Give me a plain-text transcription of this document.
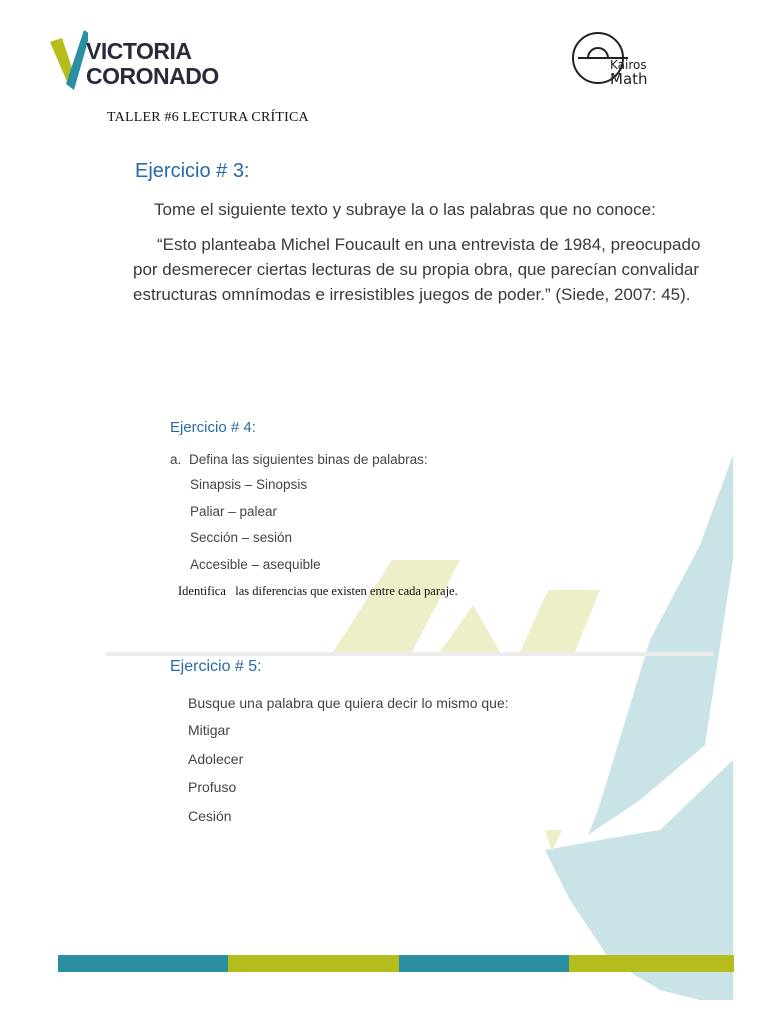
VICTORIA
CORONADO	Kairos
Math
TALLER #6 LECTURA CRÍTICA
Ejercicio # 3:
Tome el siguiente texto y subraye la o las palabras que no conoce:
“Esto planteaba Michel Foucault en una entrevista de 1984, preocupado por desmerecer ciertas lecturas de su propia obra, que parecían convalidar estructuras omnímodas e irresistibles juegos de poder.” (Siede, 2007: 45).
Ejercicio # 4:
a. Defina las siguientes binas de palabras:
Sinapsis – Sinopsis
Paliar – palear
Sección – sesión
Accesible – asequible
Identifica   las diferencias que existen entre cada paraje.
Ejercicio # 5:
Busque una palabra que quiera decir lo mismo que:
Mitigar
Adolecer
Profuso
Cesión
